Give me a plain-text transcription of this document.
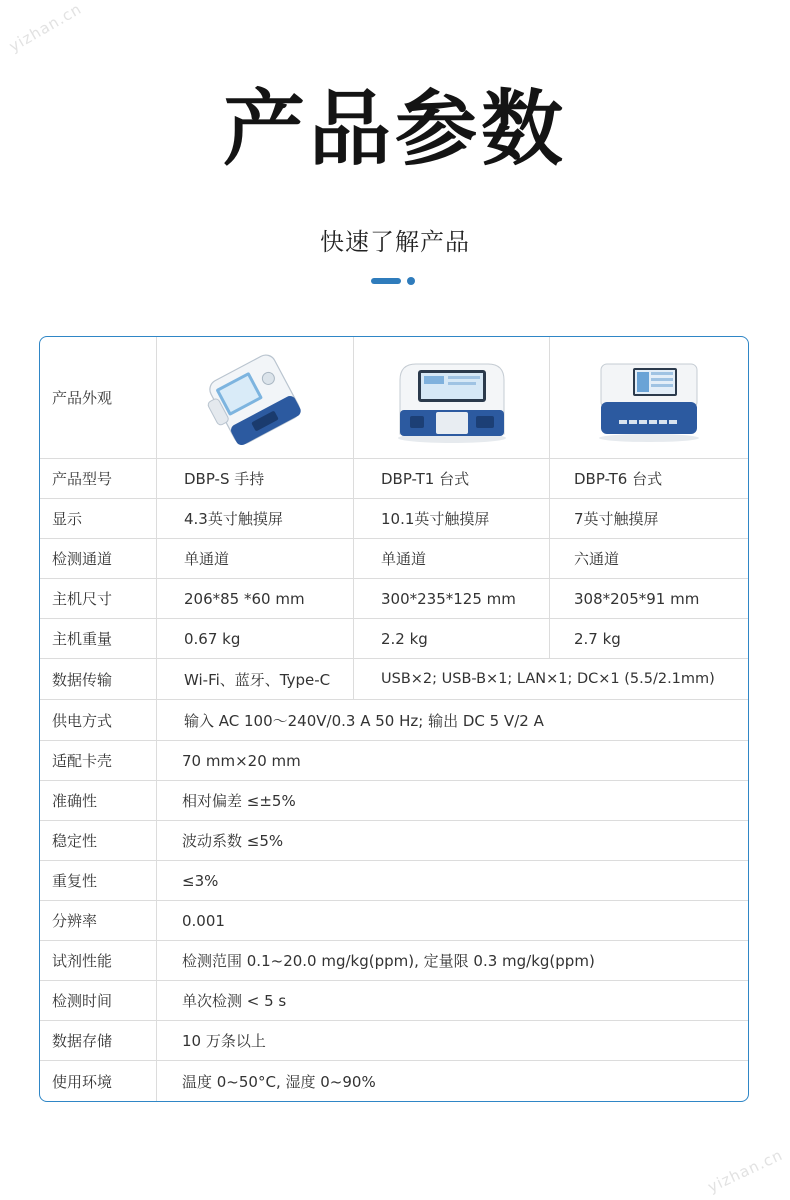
yizhan.cn
yizhan.cn
产品参数
快速了解产品
产品外观
产品型号	DBP-S 手持	DBP-T1 台式	DBP-T6 台式
显示	4.3英寸触摸屏	10.1英寸触摸屏	7英寸触摸屏
检测通道	单通道	单通道	六通道
主机尺寸	206*85 *60 mm	300*235*125 mm	308*205*91 mm
主机重量	0.67 kg	2.2 kg	2.7 kg
数据传输	Wi-Fi、蓝牙、Type-C	USB×2; USB-B×1; LAN×1; DC×1 (5.5/2.1mm)
供电方式	输入 AC 100～240V/0.3 A 50 Hz; 输出 DC 5 V/2 A
适配卡壳	70 mm×20 mm
准确性	相对偏差 ≤±5%
稳定性	波动系数 ≤5%
重复性	≤3%
分辨率	0.001
试剂性能	检测范围 0.1~20.0 mg/kg(ppm), 定量限 0.3 mg/kg(ppm)
检测时间	单次检测 < 5 s
数据存储	10 万条以上
使用环境	温度 0~50°C, 湿度 0~90%
